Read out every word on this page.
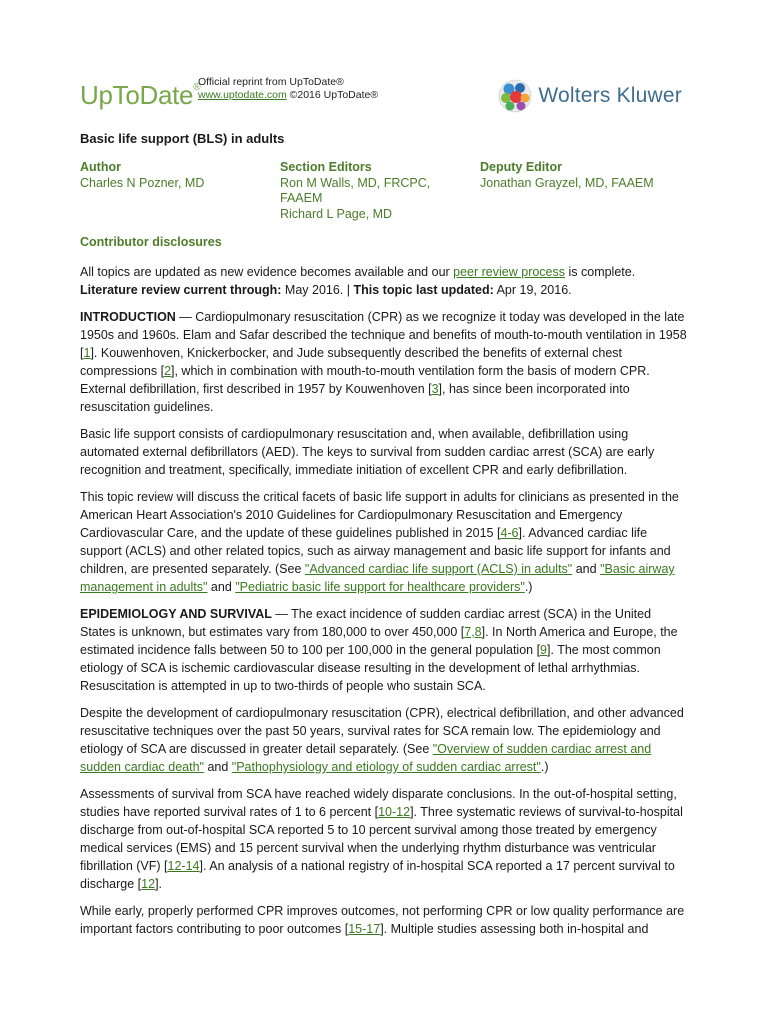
UpToDate®
Official reprint from UpToDate®
www.uptodate.com ©2016 UpToDate®	Wolters Kluwer
Basic life support (BLS) in adults
Author
Charles N Pozner, MD
Section Editors
Ron M Walls, MD, FRCPC,
FAAEM
Richard L Page, MD
Deputy Editor
Jonathan Grayzel, MD, FAAEM
Contributor disclosures

All topics are updated as new evidence becomes available and our peer review process is complete.
Literature review current through: May 2016. | This topic last updated: Apr 19, 2016.

INTRODUCTION — Cardiopulmonary resuscitation (CPR) as we recognize it today was developed in the late 1950s and 1960s. Elam and Safar described the technique and benefits of mouth-to-mouth ventilation in 1958 [1]. Kouwenhoven, Knickerbocker, and Jude subsequently described the benefits of external chest compressions [2], which in combination with mouth-to-mouth ventilation form the basis of modern CPR. External defibrillation, first described in 1957 by Kouwenhoven [3], has since been incorporated into resuscitation guidelines.

Basic life support consists of cardiopulmonary resuscitation and, when available, defibrillation using automated external defibrillators (AED). The keys to survival from sudden cardiac arrest (SCA) are early recognition and treatment, specifically, immediate initiation of excellent CPR and early defibrillation.

This topic review will discuss the critical facets of basic life support in adults for clinicians as presented in the American Heart Association's 2010 Guidelines for Cardiopulmonary Resuscitation and Emergency Cardiovascular Care, and the update of these guidelines published in 2015 [4-6]. Advanced cardiac life support (ACLS) and other related topics, such as airway management and basic life support for infants and children, are presented separately. (See "Advanced cardiac life support (ACLS) in adults" and "Basic airway management in adults" and "Pediatric basic life support for healthcare providers".)

EPIDEMIOLOGY AND SURVIVAL — The exact incidence of sudden cardiac arrest (SCA) in the United States is unknown, but estimates vary from 180,000 to over 450,000 [7,8]. In North America and Europe, the estimated incidence falls between 50 to 100 per 100,000 in the general population [9]. The most common etiology of SCA is ischemic cardiovascular disease resulting in the development of lethal arrhythmias. Resuscitation is attempted in up to two-thirds of people who sustain SCA.

Despite the development of cardiopulmonary resuscitation (CPR), electrical defibrillation, and other advanced resuscitative techniques over the past 50 years, survival rates for SCA remain low. The epidemiology and etiology of SCA are discussed in greater detail separately. (See "Overview of sudden cardiac arrest and sudden cardiac death" and "Pathophysiology and etiology of sudden cardiac arrest".)

Assessments of survival from SCA have reached widely disparate conclusions. In the out-of-hospital setting, studies have reported survival rates of 1 to 6 percent [10-12]. Three systematic reviews of survival-to-hospital discharge from out-of-hospital SCA reported 5 to 10 percent survival among those treated by emergency medical services (EMS) and 15 percent survival when the underlying rhythm disturbance was ventricular fibrillation (VF) [12-14]. An analysis of a national registry of in-hospital SCA reported a 17 percent survival to discharge [12].

While early, properly performed CPR improves outcomes, not performing CPR or low quality performance are important factors contributing to poor outcomes [15-17]. Multiple studies assessing both in-hospital and
